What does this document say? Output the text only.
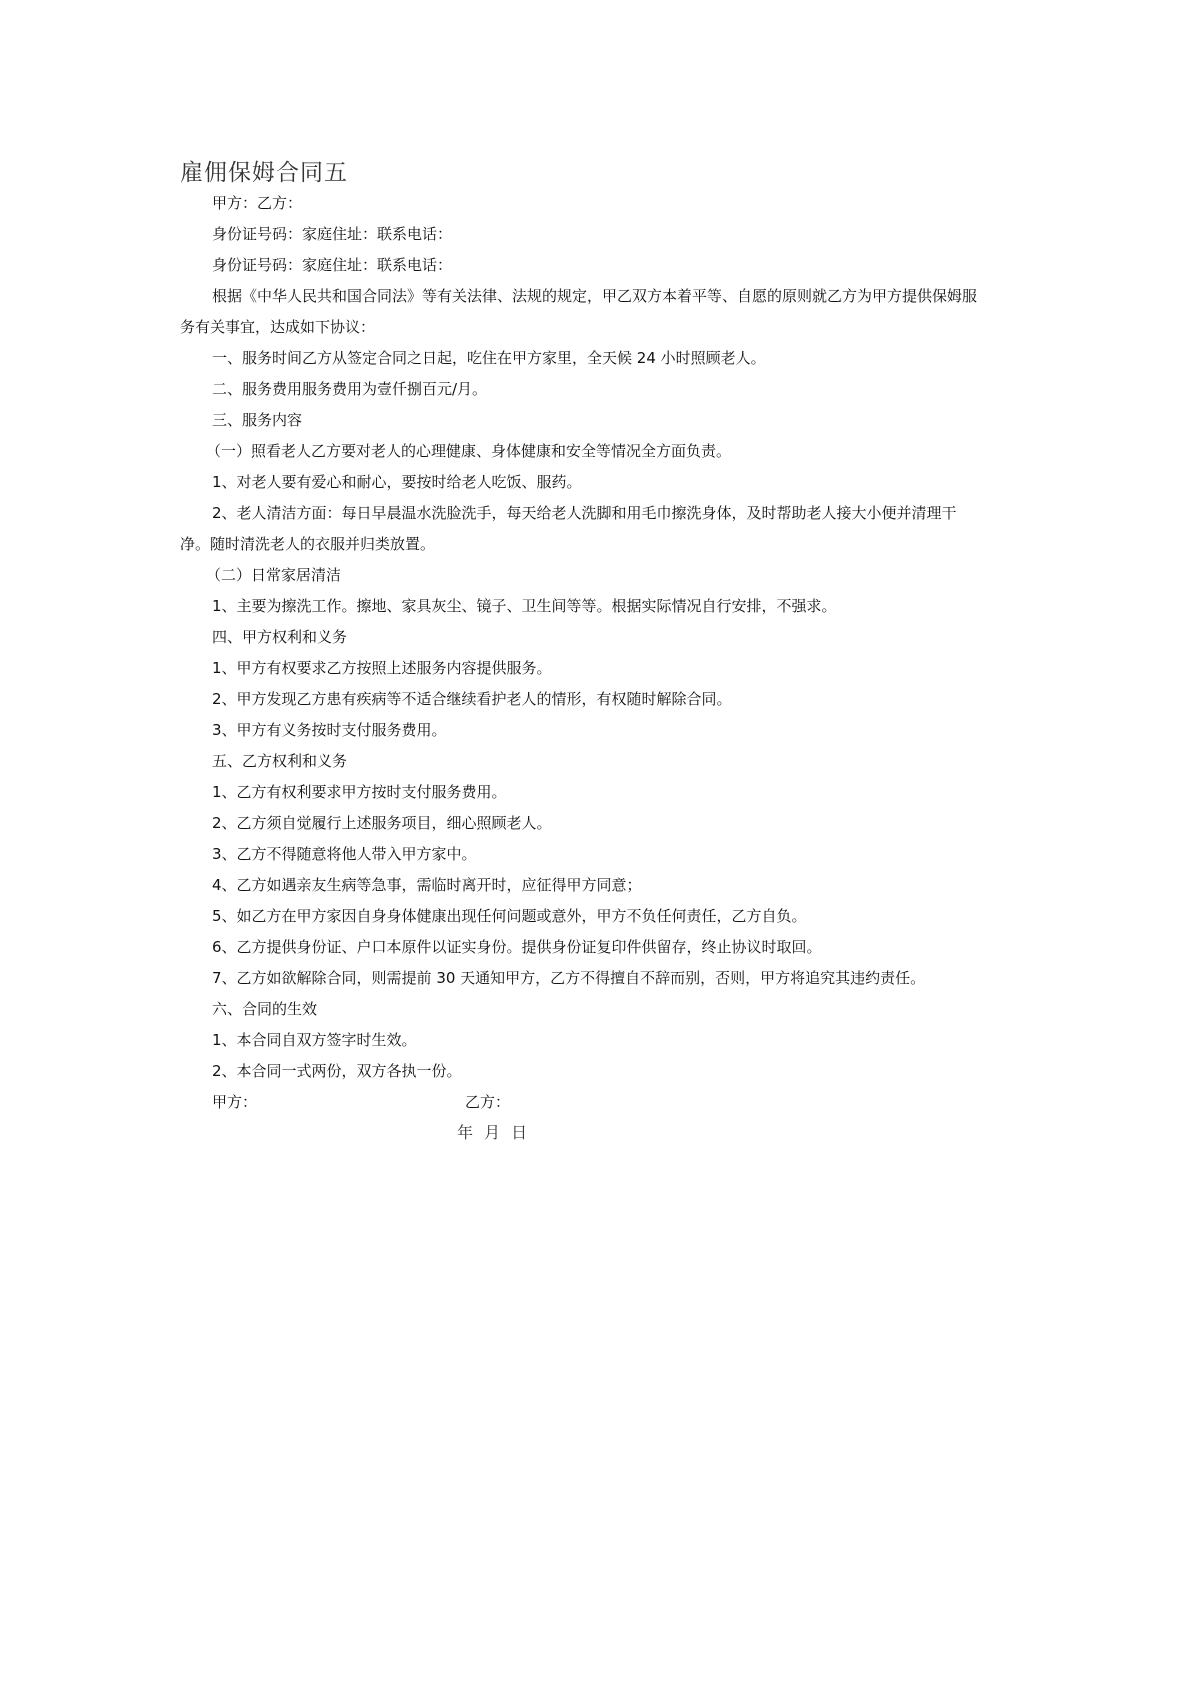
雇佣保姆合同五
甲方：乙方：
身份证号码：家庭住址：联系电话：
身份证号码：家庭住址：联系电话：
根据《中华人民共和国合同法》等有关法律、法规的规定，甲乙双方本着平等、自愿的原则就乙方为甲方提供保姆服
务有关事宜，达成如下协议：
一、服务时间乙方从签定合同之日起，吃住在甲方家里，全天候 24 小时照顾老人。
二、服务费用服务费用为壹仟捌百元/月。
三、服务内容
（一）照看老人乙方要对老人的心理健康、身体健康和安全等情况全方面负责。
1、对老人要有爱心和耐心，要按时给老人吃饭、服药。
2、老人清洁方面：每日早晨温水洗脸洗手，每天给老人洗脚和用毛巾擦洗身体，及时帮助老人接大小便并清理干
净。随时清洗老人的衣服并归类放置。
（二）日常家居清洁
1、主要为擦洗工作。擦地、家具灰尘、镜子、卫生间等等。根据实际情况自行安排，不强求。
四、甲方权利和义务
1、甲方有权要求乙方按照上述服务内容提供服务。
2、甲方发现乙方患有疾病等不适合继续看护老人的情形，有权随时解除合同。
3、甲方有义务按时支付服务费用。
五、乙方权利和义务
1、乙方有权利要求甲方按时支付服务费用。
2、乙方须自觉履行上述服务项目，细心照顾老人。
3、乙方不得随意将他人带入甲方家中。
4、乙方如遇亲友生病等急事，需临时离开时，应征得甲方同意；
5、如乙方在甲方家因自身身体健康出现任何问题或意外，甲方不负任何责任，乙方自负。
6、乙方提供身份证、户口本原件以证实身份。提供身份证复印件供留存，终止协议时取回。
7、乙方如欲解除合同，则需提前 30 天通知甲方，乙方不得擅自不辞而别，否则，甲方将追究其违约责任。
六、合同的生效
1、本合同自双方签字时生效。
2、本合同一式两份，双方各执一份。
甲方：	乙方：
年 月 日
